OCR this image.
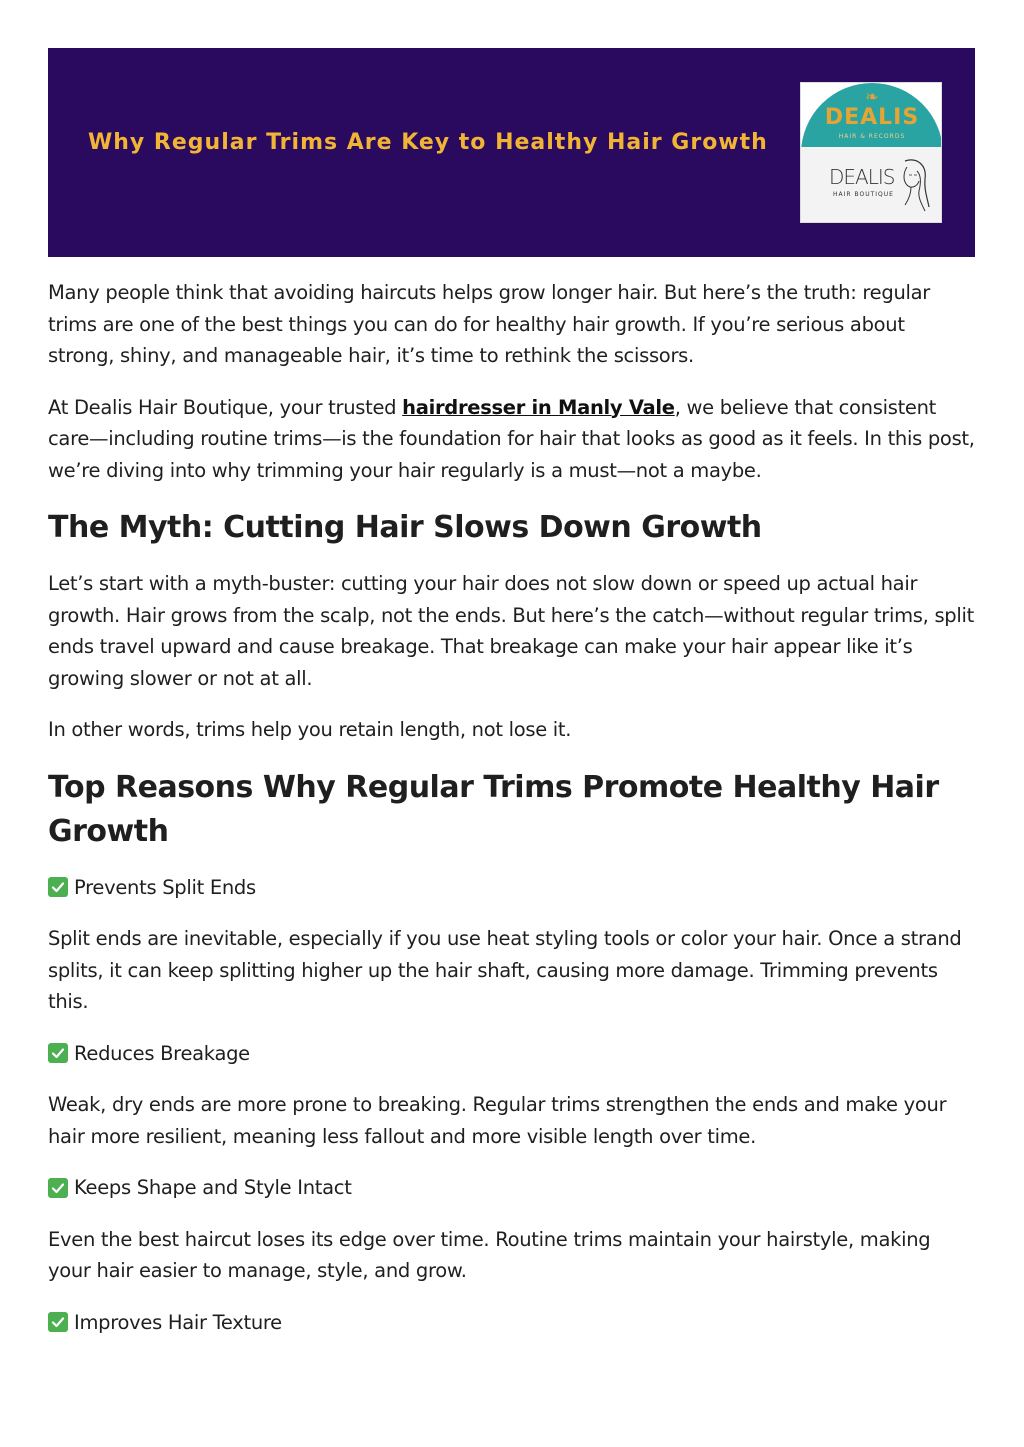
Why Regular Trims Are Key to Healthy Hair Growth
❧
DEALIS
HAIR & RECORDS
DEALIS
HAIR BOUTIQUE

Many people think that avoiding haircuts helps grow longer hair. But here’s the truth: regular trims are one of the best things you can do for healthy hair growth. If you’re serious about strong, shiny, and manageable hair, it’s time to rethink the scissors.

At Dealis Hair Boutique, your trusted hairdresser in Manly Vale, we believe that consistent care—including routine trims—is the foundation for hair that looks as good as it feels. In this post, we’re diving into why trimming your hair regularly is a must—not a maybe.

The Myth: Cutting Hair Slows Down Growth

Let’s start with a myth-buster: cutting your hair does not slow down or speed up actual hair growth. Hair grows from the scalp, not the ends. But here’s the catch—without regular trims, split ends travel upward and cause breakage. That breakage can make your hair appear like it’s growing slower or not at all.

In other words, trims help you retain length, not lose it.

Top Reasons Why Regular Trims Promote Healthy Hair Growth
Prevents Split Ends

Split ends are inevitable, especially if you use heat styling tools or color your hair. Once a strand splits, it can keep splitting higher up the hair shaft, causing more damage. Trimming prevents this.

Reduces Breakage

Weak, dry ends are more prone to breaking. Regular trims strengthen the ends and make your hair more resilient, meaning less fallout and more visible length over time.

Keeps Shape and Style Intact

Even the best haircut loses its edge over time. Routine trims maintain your hairstyle, making your hair easier to manage, style, and grow.

Improves Hair Texture
